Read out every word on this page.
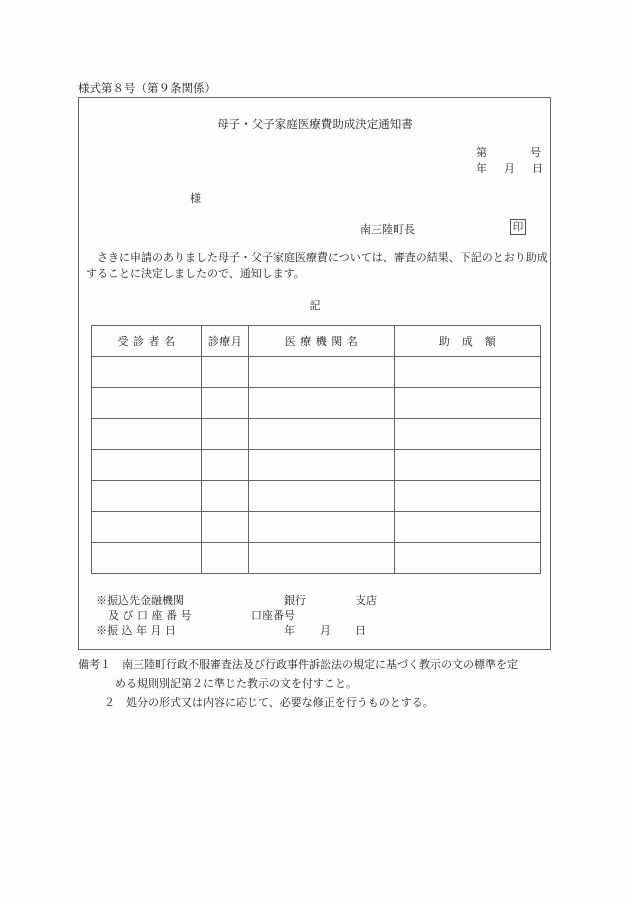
様式第８号（第９条関係）
母子・父子家庭医療費助成決定通知書
第	号
年 月 日
様
南三陸町長	印
　さきに申請のありました母子・父子家庭医療費については、審査の結果、下記のとおり助成することに決定しましたので、通知します。
記
受 診 者 名	診療月	医 療 機 関 名	助　成　額

※振込先金融機関	銀行	支店
及 び 口 座 番 号	口座番号
※振 込 年 月 日	年 月 日
備考１　南三陸町行政不服審査法及び行政事件訴訟法の規定に基づく教示の文の標準を定
める規則別記第２に準じた教示の文を付すこと。
２　処分の形式又は内容に応じて、必要な修正を行うものとする。
